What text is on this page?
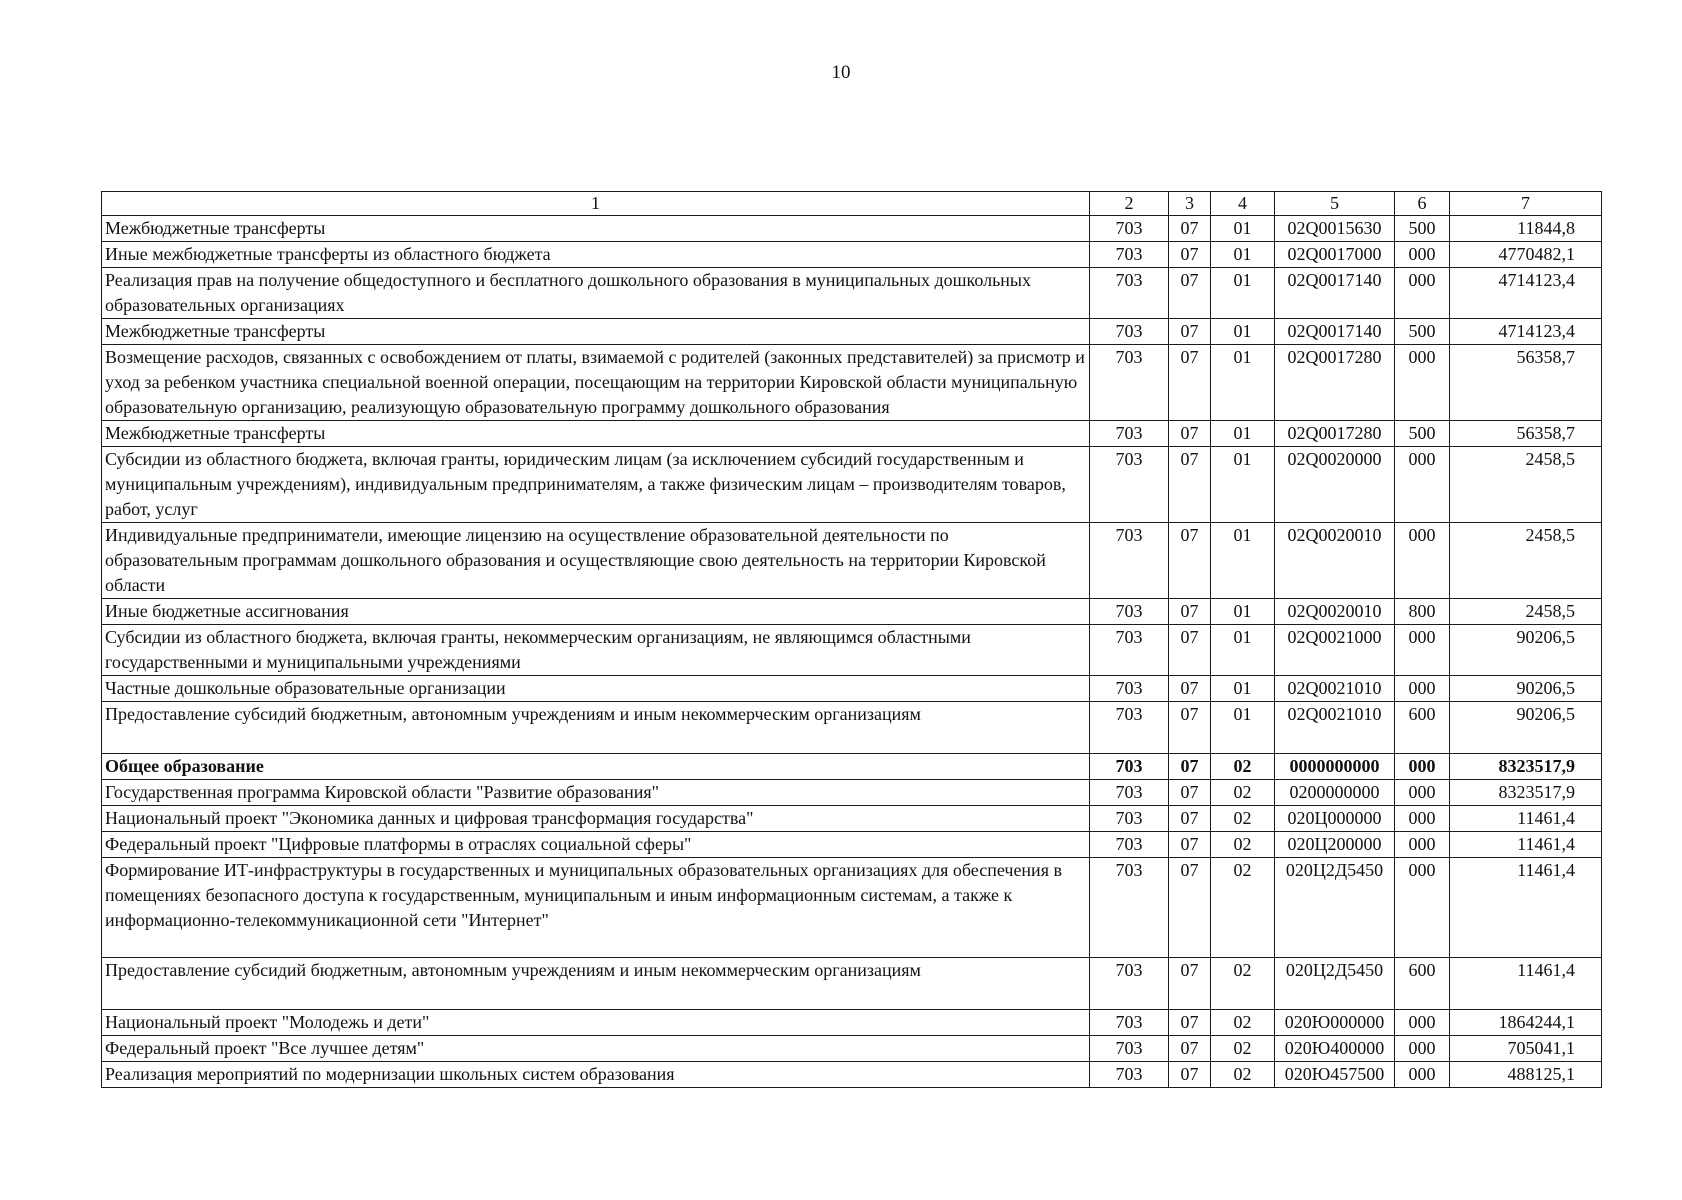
10
1	2	3	4	5	6	7
Межбюджетные трансферты	703	07	01	02Q0015630	500	11844,8
Иные межбюджетные трансферты из областного бюджета	703	07	01	02Q0017000	000	4770482,1
Реализация прав на получение общедоступного и бесплатного дошкольного образования в муниципальных дошкольных образовательных организациях	703	07	01	02Q0017140	000	4714123,4
Межбюджетные трансферты	703	07	01	02Q0017140	500	4714123,4
Возмещение расходов, связанных с освобождением от платы, взимаемой с родителей (законных представителей) за присмотр и уход за ребенком участника специальной военной операции, посещающим на территории Кировской области муниципальную образовательную организацию, реализующую образовательную программу дошкольного образования	703	07	01	02Q0017280	000	56358,7
Межбюджетные трансферты	703	07	01	02Q0017280	500	56358,7
Субсидии из областного бюджета, включая гранты, юридическим лицам (за исключением субсидий государственным и муниципальным учреждениям), индивидуальным предпринимателям, а также физическим лицам – производителям товаров, работ, услуг	703	07	01	02Q0020000	000	2458,5
Индивидуальные предприниматели, имеющие лицензию на осуществление образовательной деятельности по образовательным программам дошкольного образования и осуществляющие свою деятельность на территории Кировской области	703	07	01	02Q0020010	000	2458,5
Иные бюджетные ассигнования	703	07	01	02Q0020010	800	2458,5
Субсидии из областного бюджета, включая гранты, некоммерческим организациям, не являющимся областными государственными и муниципальными учреждениями	703	07	01	02Q0021000	000	90206,5
Частные дошкольные образовательные организации	703	07	01	02Q0021010	000	90206,5
Предоставление субсидий бюджетным, автономным учреждениям и иным некоммерческим организациям	703	07	01	02Q0021010	600	90206,5
Общее образование	703	07	02	0000000000	000	8323517,9
Государственная программа Кировской области "Развитие образования"	703	07	02	0200000000	000	8323517,9
Национальный проект "Экономика данных и цифровая трансформация государства"	703	07	02	020Ц000000	000	11461,4
Федеральный проект "Цифровые платформы в отраслях социальной сферы"	703	07	02	020Ц200000	000	11461,4
Формирование ИТ-инфраструктуры в государственных и муниципальных образовательных организациях для обеспечения в помещениях безопасного доступа к государственным, муниципальным и иным информационным системам, а также к информационно-телекоммуникационной сети "Интернет"	703	07	02	020Ц2Д5450	000	11461,4
Предоставление субсидий бюджетным, автономным учреждениям и иным некоммерческим организациям	703	07	02	020Ц2Д5450	600	11461,4
Национальный проект "Молодежь и дети"	703	07	02	020Ю000000	000	1864244,1
Федеральный проект "Все лучшее детям"	703	07	02	020Ю400000	000	705041,1
Реализация мероприятий по модернизации школьных систем образования	703	07	02	020Ю457500	000	488125,1
